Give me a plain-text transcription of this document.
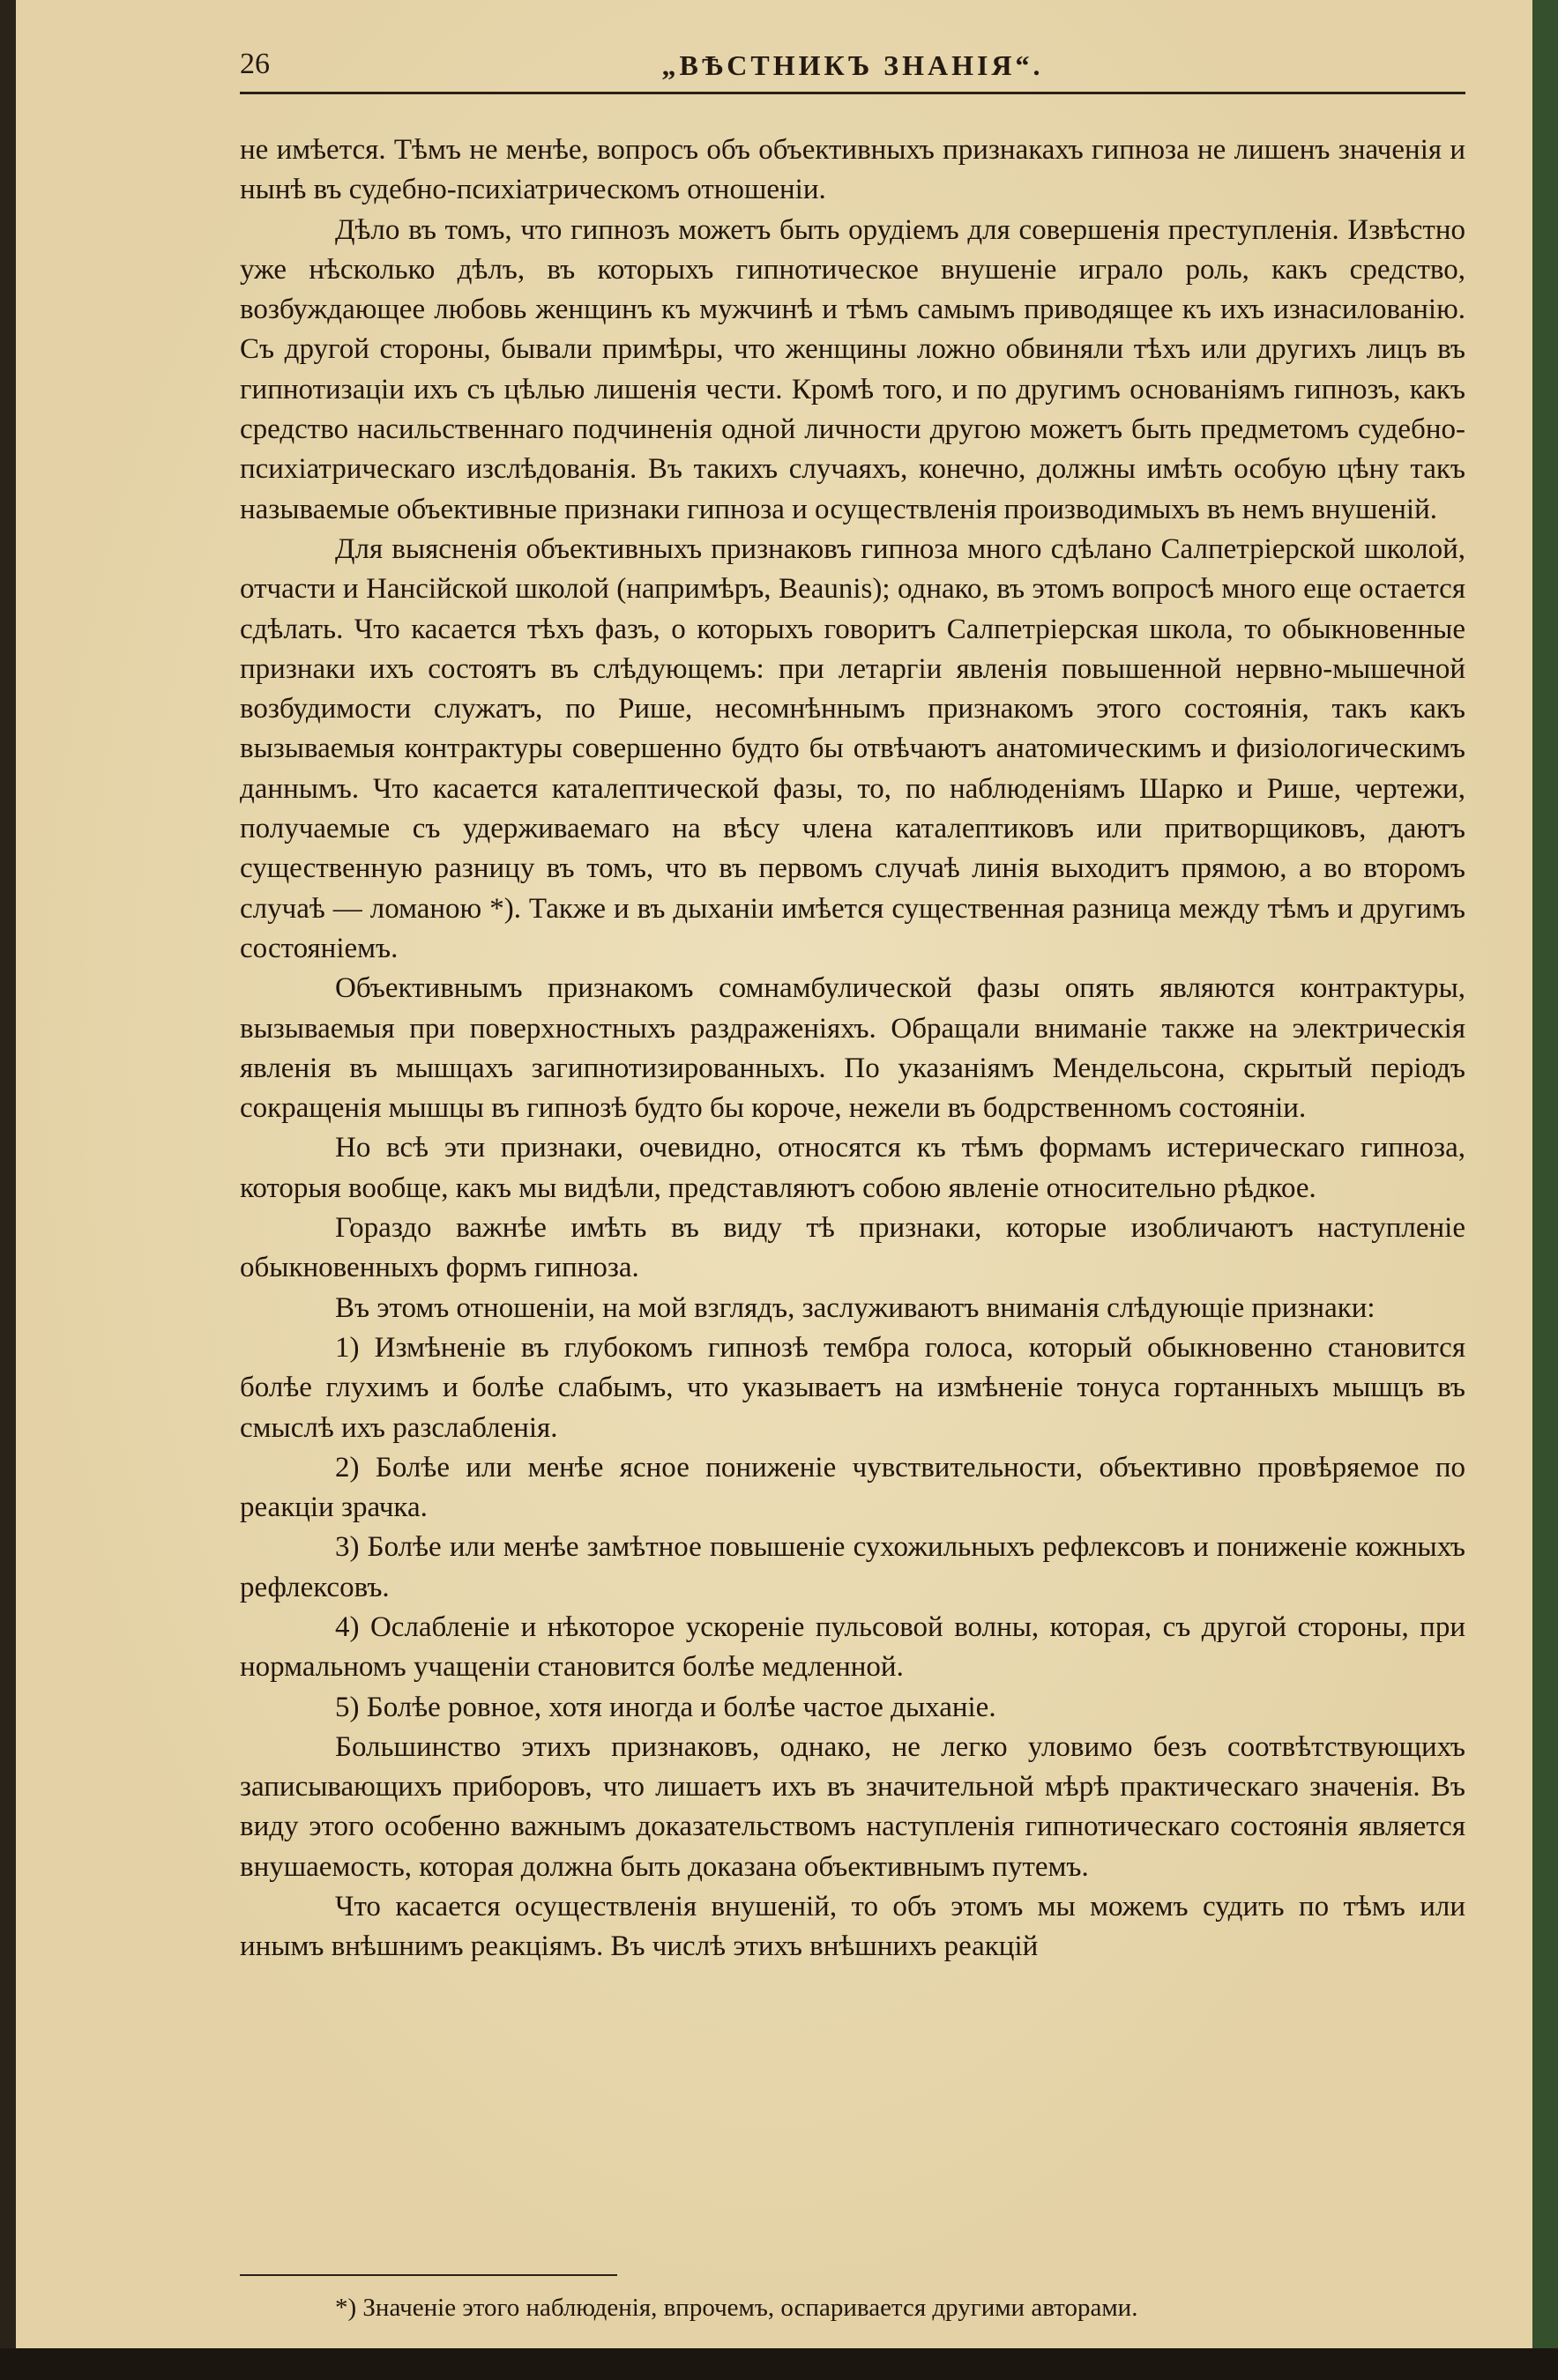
26	„ВѢСТНИКЪ ЗНАНІЯ“.

не имѣется. Тѣмъ не менѣе, вопросъ объ объективныхъ признакахъ гипноза не лишенъ значенія и нынѣ въ судебно-психіатрическомъ отношеніи.

Дѣло въ томъ, что гипнозъ можетъ быть орудіемъ для совершенія преступленія. Извѣстно уже нѣсколько дѣлъ, въ которыхъ гипнотическое внушеніе играло роль, какъ средство, возбуждающее любовь женщинъ къ мужчинѣ и тѣмъ самымъ приводящее къ ихъ изнасилованію. Съ другой стороны, бывали примѣры, что женщины ложно обвиняли тѣхъ или другихъ лицъ въ гипнотизаціи ихъ съ цѣлью лишенія чести. Кромѣ того, и по другимъ основаніямъ гипнозъ, какъ средство насильственнаго подчиненія одной личности другою можетъ быть предметомъ судебно-психіатрическаго изслѣдованія. Въ такихъ случаяхъ, конечно, должны имѣть особую цѣну такъ называемые объективные признаки гипноза и осуществленія производимыхъ въ немъ внушеній.

Для выясненія объективныхъ признаковъ гипноза много сдѣлано Салпетріерской школой, отчасти и Нансійской школой (напримѣръ, Beaunis); однако, въ этомъ вопросѣ много еще остается сдѣлать. Что касается тѣхъ фазъ, о которыхъ говоритъ Салпетріерская школа, то обыкновенные признаки ихъ состоятъ въ слѣдующемъ: при летаргіи явленія повышенной нервно-мышечной возбудимости служатъ, по Рише, несомнѣннымъ признакомъ этого состоянія, такъ какъ вызываемыя контрактуры совершенно будто бы отвѣчаютъ анатомическимъ и физіологическимъ даннымъ. Что касается каталептической фазы, то, по наблюденіямъ Шарко и Рише, чертежи, получаемые съ удерживаемаго на вѣсу члена каталептиковъ или притворщиковъ, даютъ существенную разницу въ томъ, что въ первомъ случаѣ линія выходитъ прямою, а во второмъ случаѣ — ломаною *). Также и въ дыханіи имѣется существенная разница между тѣмъ и другимъ состояніемъ.

Объективнымъ признакомъ сомнамбулической фазы опять являются контрактуры, вызываемыя при поверхностныхъ раздраженіяхъ. Обращали вниманіе также на электрическія явленія въ мышцахъ загипнотизированныхъ. По указаніямъ Мендельсона, скрытый періодъ сокращенія мышцы въ гипнозѣ будто бы короче, нежели въ бодрственномъ состояніи.

Но всѣ эти признаки, очевидно, относятся къ тѣмъ формамъ истерическаго гипноза, которыя вообще, какъ мы видѣли, представляютъ собою явленіе относительно рѣдкое.

Гораздо важнѣе имѣть въ виду тѣ признаки, которые изобличаютъ наступленіе обыкновенныхъ формъ гипноза.

Въ этомъ отношеніи, на мой взглядъ, заслуживаютъ вниманія слѣдующіе признаки:

1) Измѣненіе въ глубокомъ гипнозѣ тембра голоса, который обыкновенно становится болѣе глухимъ и болѣе слабымъ, что указываетъ на измѣненіе тонуса гортанныхъ мышцъ въ смыслѣ ихъ разслабленія.

2) Болѣе или менѣе ясное пониженіе чувствительности, объективно провѣряемое по реакціи зрачка.

3) Болѣе или менѣе замѣтное повышеніе сухожильныхъ рефлексовъ и пониженіе кожныхъ рефлексовъ.

4) Ослабленіе и нѣкоторое ускореніе пульсовой волны, которая, съ другой стороны, при нормальномъ учащеніи становится болѣе медленной.

5) Болѣе ровное, хотя иногда и болѣе частое дыханіе.

Большинство этихъ признаковъ, однако, не легко уловимо безъ соотвѣтствующихъ записывающихъ приборовъ, что лишаетъ ихъ въ значительной мѣрѣ практическаго значенія. Въ виду этого особенно важнымъ доказательствомъ наступленія гипнотическаго состоянія является внушаемость, которая должна быть доказана объективнымъ путемъ.

Что касается осуществленія внушеній, то объ этомъ мы можемъ судить по тѣмъ или инымъ внѣшнимъ реакціямъ. Въ числѣ этихъ внѣшнихъ реакцій

*) Значеніе этого наблюденія, впрочемъ, оспаривается другими авторами.
